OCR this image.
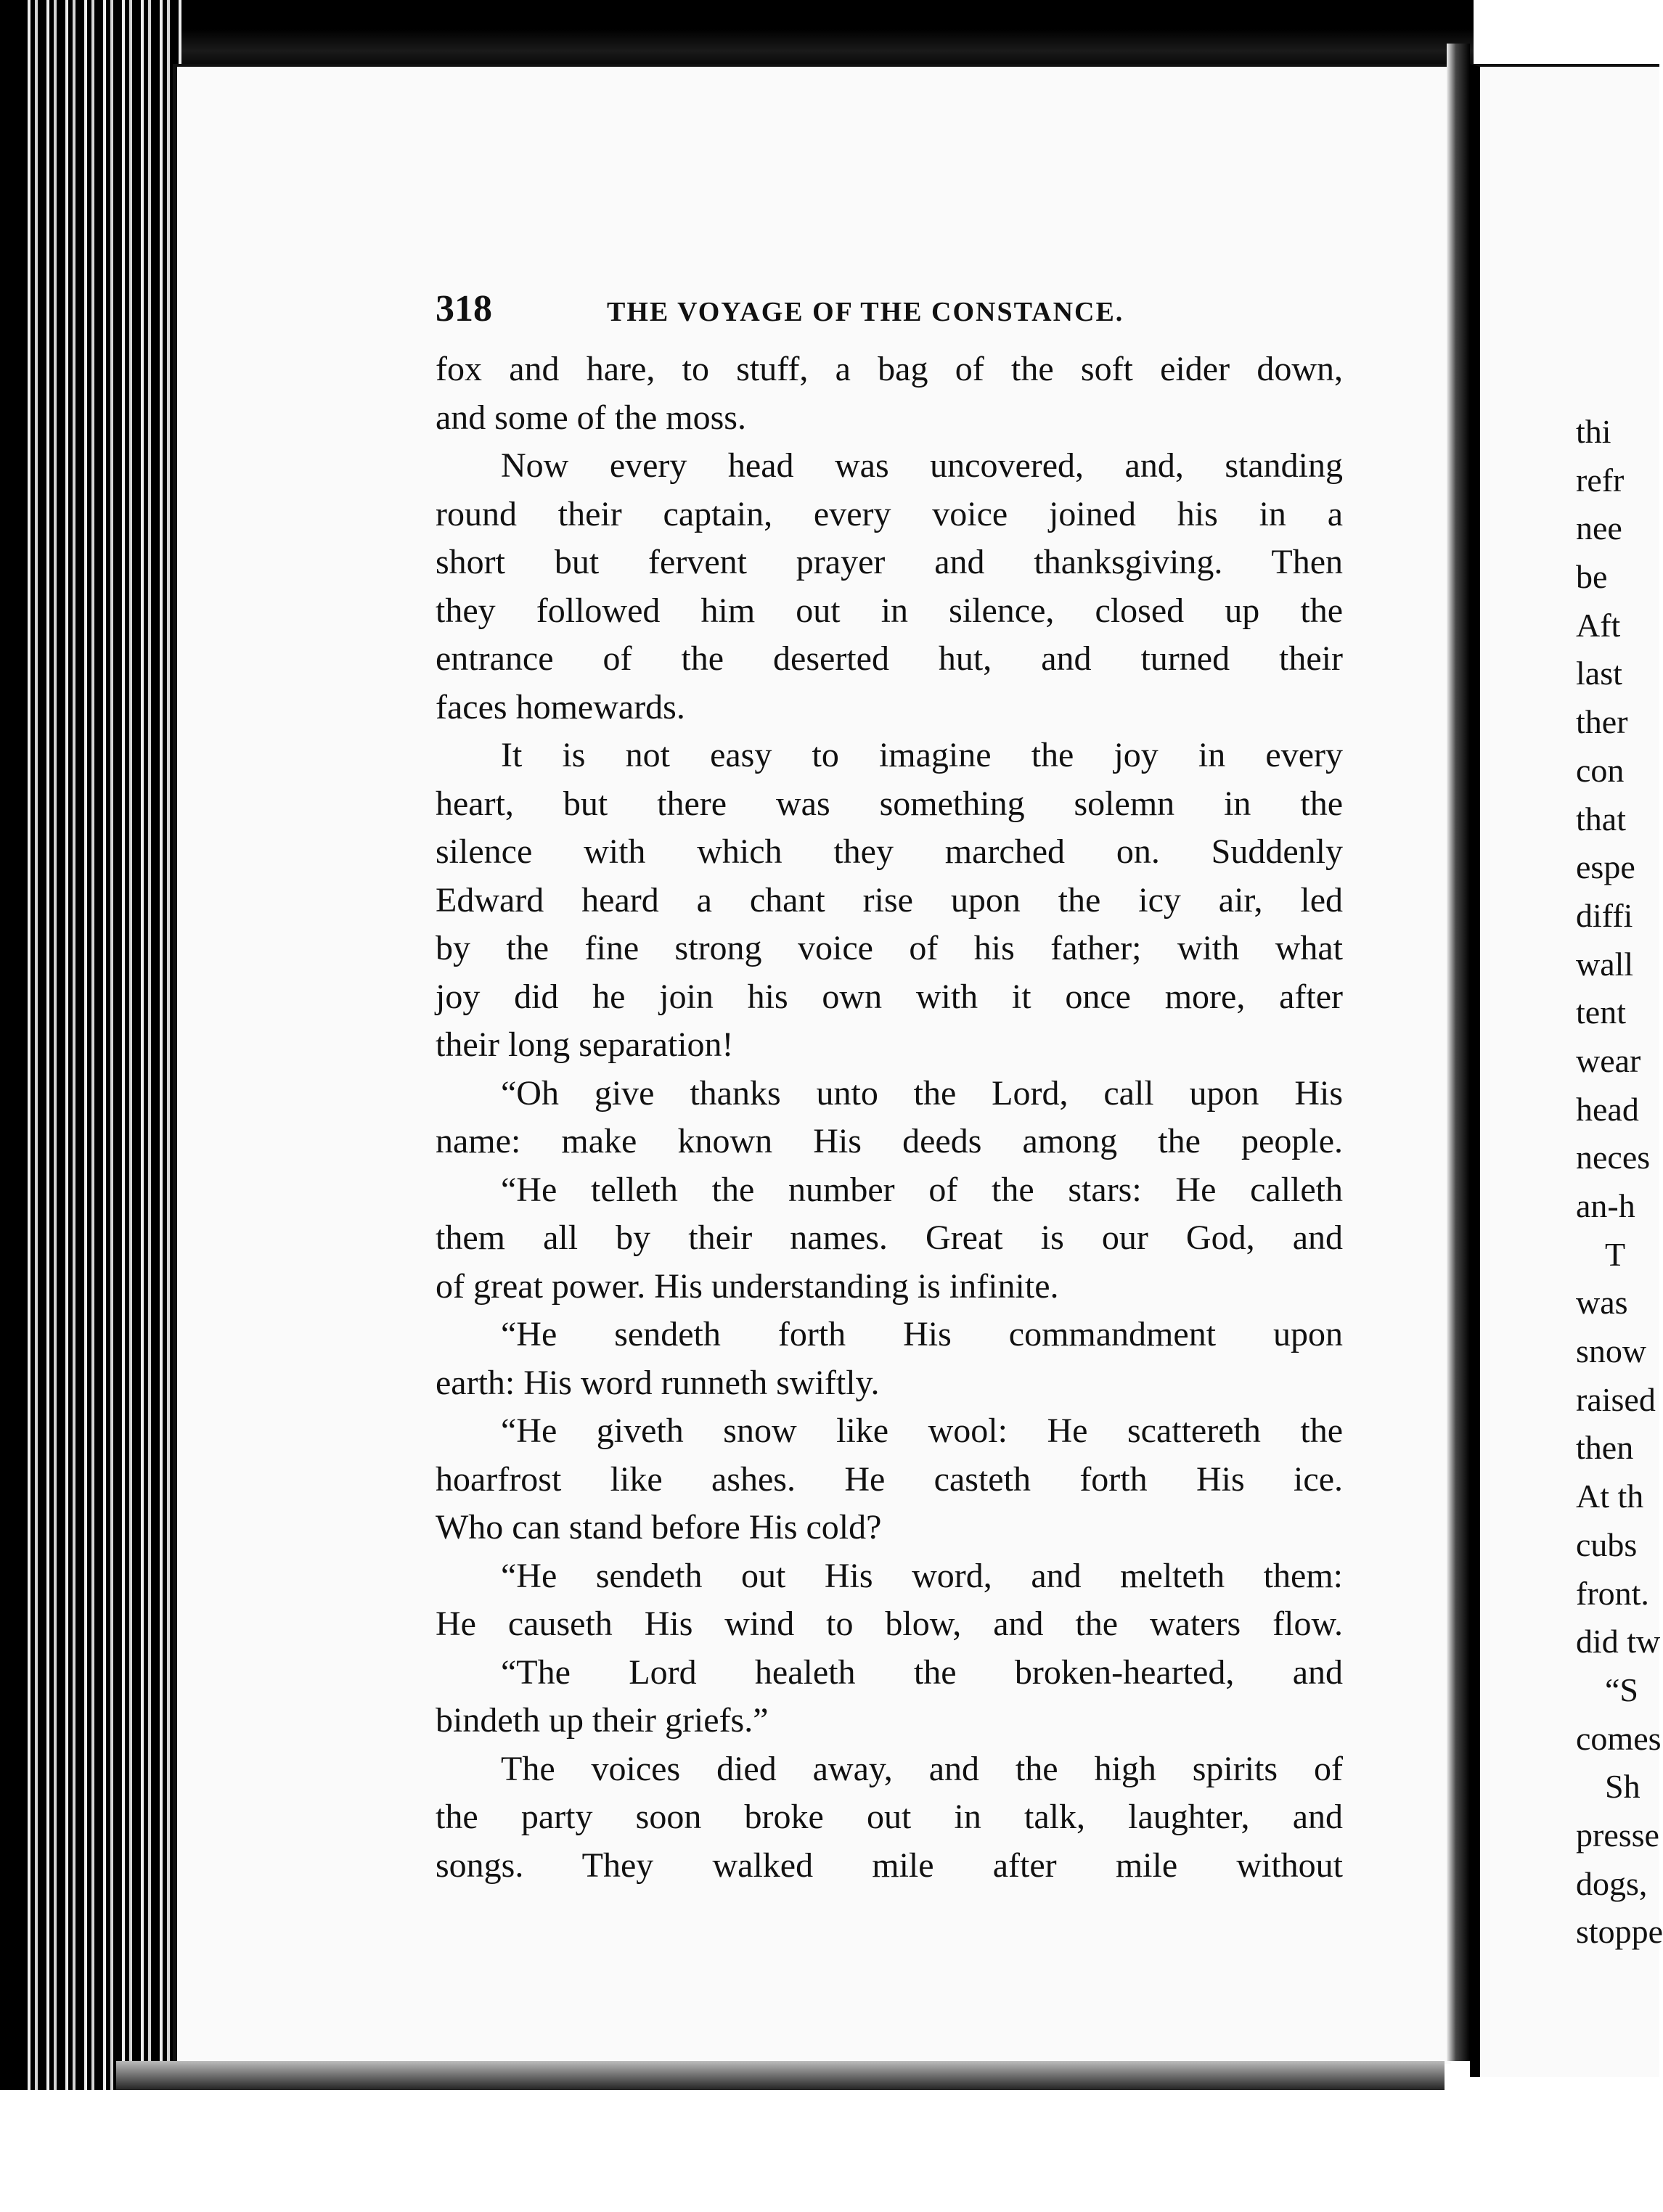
thi
refr
nee
be
Aft
last
ther
con
that
espe
diffi
wall
tent
wear
head
neces
an-h
T
was
snow
raised
then
At th
cubs
front.
did tw
“S
comes
Sh
presse
dogs,
stoppe
318	THE VOYAGE OF THE CONSTANCE.
fox and hare, to stuff, a bag of the soft eider down,
and some of the moss.
Now every head was uncovered, and, standing
round their captain, every voice joined his in a
short but fervent prayer and thanksgiving. Then
they followed him out in silence, closed up the
entrance of the deserted hut, and turned their
faces homewards.
It is not easy to imagine the joy in every
heart, but there was something solemn in the
silence with which they marched on. Suddenly
Edward heard a chant rise upon the icy air, led
by the fine strong voice of his father; with what
joy did he join his own with it once more, after
their long separation!
“Oh give thanks unto the Lord, call upon His
name: make known His deeds among the people.
“He telleth the number of the stars: He calleth
them all by their names. Great is our God, and
of great power. His understanding is infinite.
“He sendeth forth His commandment upon
earth: His word runneth swiftly.
“He giveth snow like wool: He scattereth the
hoarfrost like ashes. He casteth forth His ice.
Who can stand before His cold?
“He sendeth out His word, and melteth them:
He causeth His wind to blow, and the waters flow.
“The Lord healeth the broken-hearted, and
bindeth up their griefs.”
The voices died away, and the high spirits of
the party soon broke out in talk, laughter, and
songs. They walked mile after mile without
